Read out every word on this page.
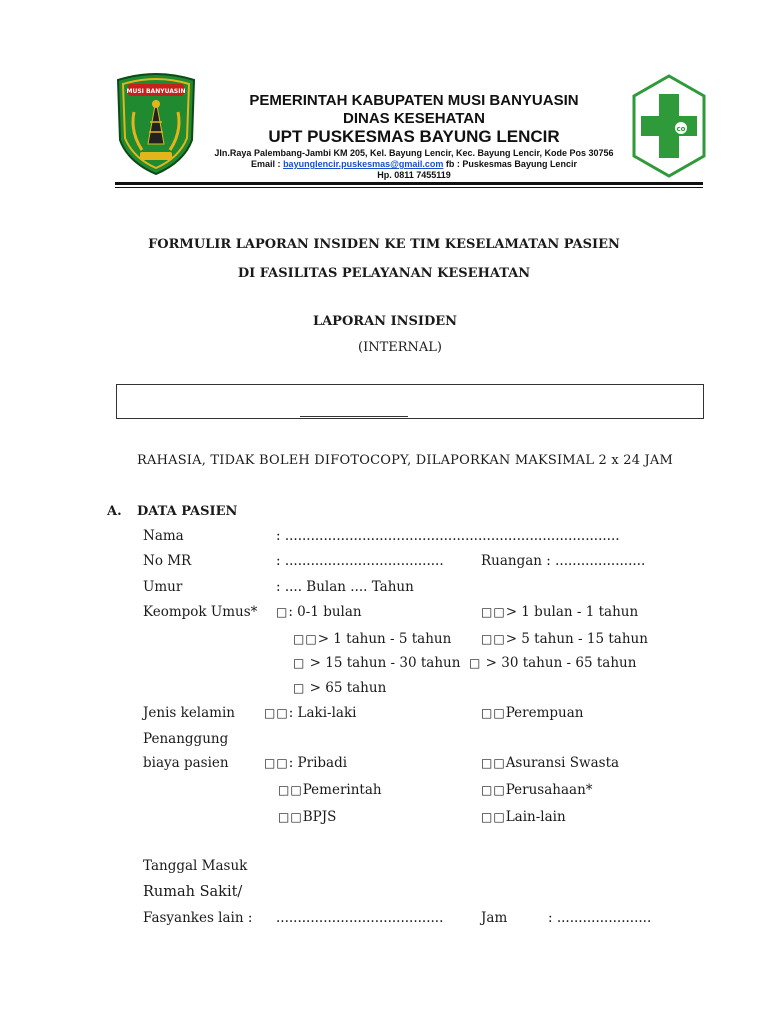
MUSI BANYUASIN
co
PEMERINTAH KABUPATEN MUSI BANYUASIN
DINAS KESEHATAN
UPT PUSKESMAS BAYUNG LENCIR
Jln.Raya Palembang-Jambi KM 205, Kel. Bayung Lencir, Kec. Bayung Lencir, Kode Pos 30756
Email : bayunglencir.puskesmas@gmail.com fb : Puskesmas Bayung Lencir
Hp. 0811 7455119
FORMULIR LAPORAN INSIDEN KE TIM KESELAMATAN PASIEN
DI FASILITAS PELAYANAN KESEHATAN
LAPORAN INSIDEN
(INTERNAL)
RAHASIA, TIDAK BOLEH DIFOTOCOPY, DILAPORKAN MAKSIMAL 2 x 24 JAM
A. DATA PASIEN
Nama	: ..............................................................................
No MR	: .....................................	Ruangan : .....................
Umur	: .... Bulan .... Tahun
Keompok Umus* □: 0-1 bulan	□□> 1 bulan - 1 tahun
□□> 1 tahun - 5 tahun □□> 5 tahun - 15 tahun
□ > 15 tahun - 30 tahun □ > 30 tahun - 65 tahun
□ > 65 tahun
Jenis kelamin □□: Laki-laki	□□Perempuan
Penanggung
biaya pasien	□□: Pribadi	□□Asuransi Swasta
□□Pemerintah	□□Perusahaan*
□□BPJS	□□Lain-lain
Tanggal Masuk
Rumah Sakit/
Fasyankes lain : .......................................	Jam	: ......................
